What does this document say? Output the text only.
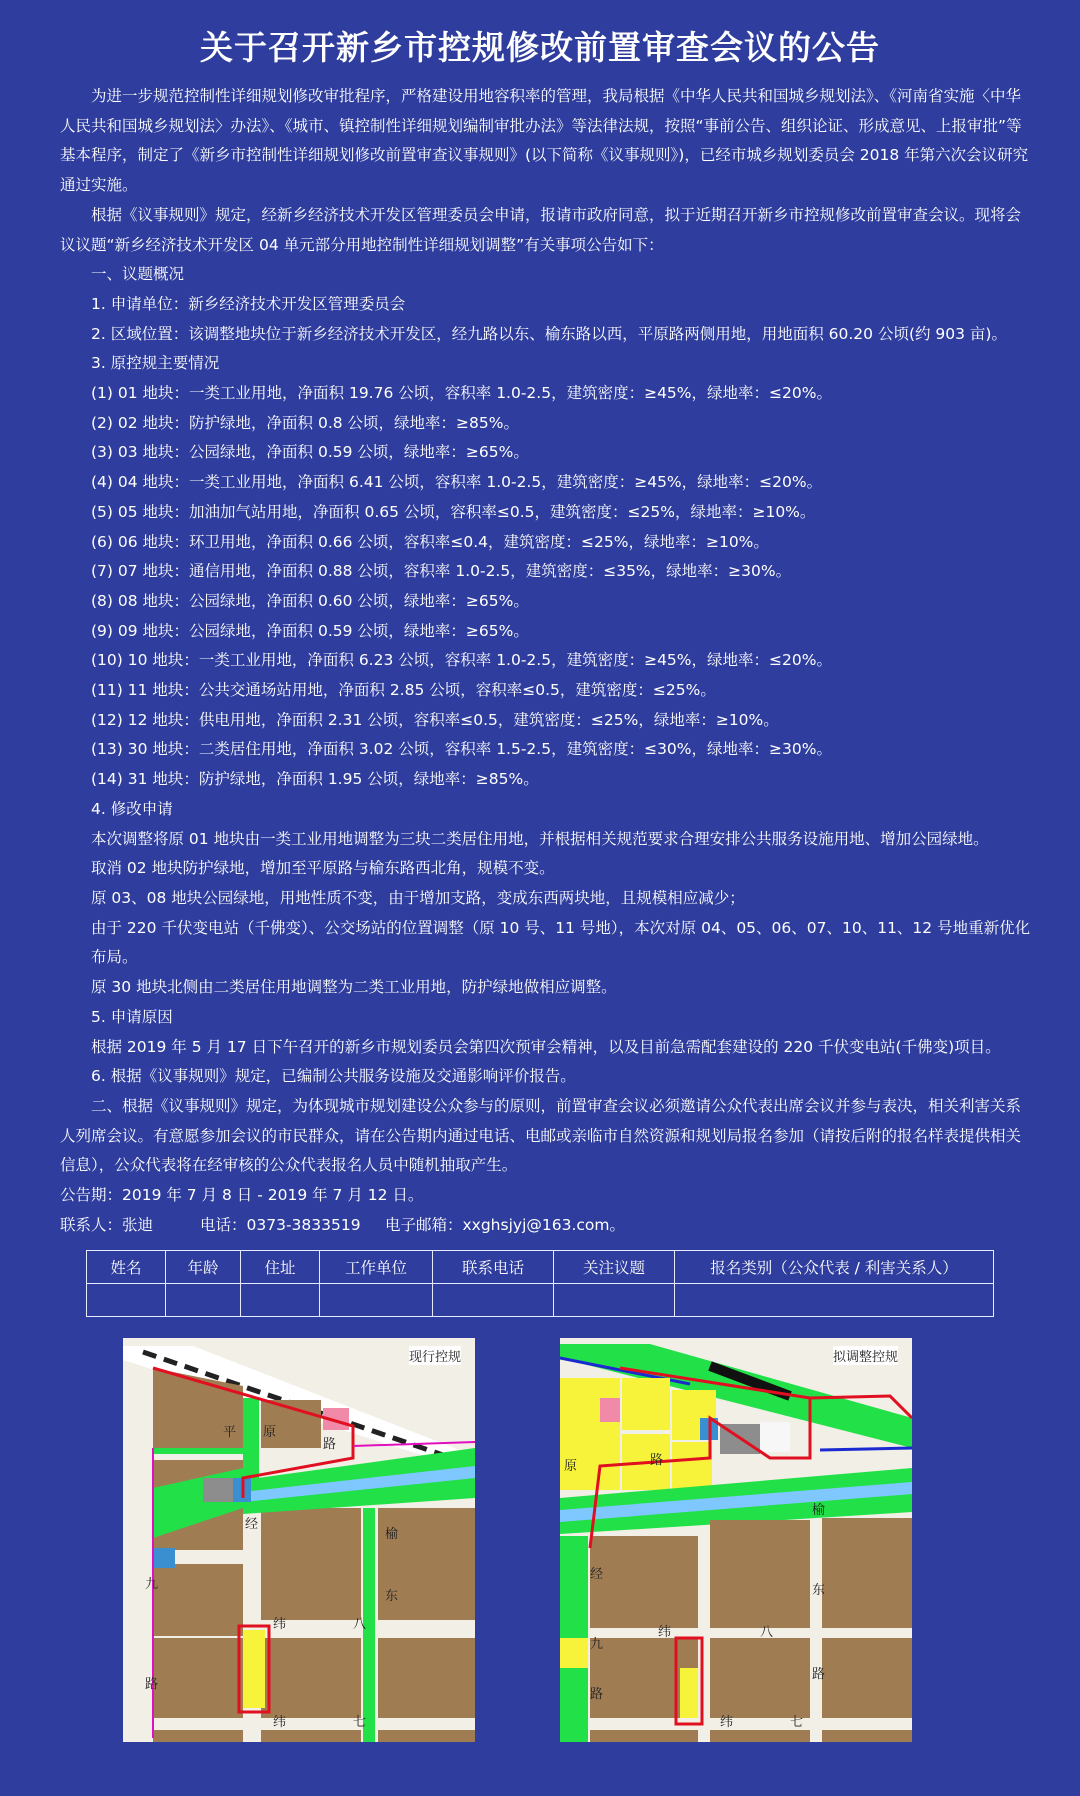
关于召开新乡市控规修改前置审查会议的公告

为进一步规范控制性详细规划修改审批程序，严格建设用地容积率的管理，我局根据《中华人民共和国城乡规划法》、《河南省实施〈中华人民共和国城乡规划法〉办法》、《城市、镇控制性详细规划编制审批办法》等法律法规，按照“事前公告、组织论证、形成意见、上报审批”等基本程序，制定了《新乡市控制性详细规划修改前置审查议事规则》(以下简称《议事规则》)，已经市城乡规划委员会 2018 年第六次会议研究通过实施。

根据《议事规则》规定，经新乡经济技术开发区管理委员会申请，报请市政府同意，拟于近期召开新乡市控规修改前置审查会议。现将会议议题“新乡经济技术开发区 04 单元部分用地控制性详细规划调整”有关事项公告如下：

一、议题概况

1. 申请单位：新乡经济技术开发区管理委员会

2. 区域位置：该调整地块位于新乡经济技术开发区，经九路以东、榆东路以西，平原路两侧用地，用地面积 60.20 公顷(约 903 亩)。

3. 原控规主要情况

(1) 01 地块：一类工业用地，净面积 19.76 公顷，容积率 1.0-2.5，建筑密度：≥45%，绿地率：≤20%。

(2) 02 地块：防护绿地，净面积 0.8 公顷，绿地率：≥85%。

(3) 03 地块：公园绿地，净面积 0.59 公顷，绿地率：≥65%。

(4) 04 地块：一类工业用地，净面积 6.41 公顷，容积率 1.0-2.5，建筑密度：≥45%，绿地率：≤20%。

(5) 05 地块：加油加气站用地，净面积 0.65 公顷，容积率≤0.5，建筑密度：≤25%，绿地率：≥10%。

(6) 06 地块：环卫用地，净面积 0.66 公顷，容积率≤0.4，建筑密度：≤25%，绿地率：≥10%。

(7) 07 地块：通信用地，净面积 0.88 公顷，容积率 1.0-2.5，建筑密度：≤35%，绿地率：≥30%。

(8) 08 地块：公园绿地，净面积 0.60 公顷，绿地率：≥65%。

(9) 09 地块：公园绿地，净面积 0.59 公顷，绿地率：≥65%。

(10) 10 地块：一类工业用地，净面积 6.23 公顷，容积率 1.0-2.5，建筑密度：≥45%，绿地率：≤20%。

(11) 11 地块：公共交通场站用地，净面积 2.85 公顷，容积率≤0.5，建筑密度：≤25%。

(12) 12 地块：供电用地，净面积 2.31 公顷，容积率≤0.5，建筑密度：≤25%，绿地率：≥10%。

(13) 30 地块：二类居住用地，净面积 3.02 公顷，容积率 1.5-2.5，建筑密度：≤30%，绿地率：≥30%。

(14) 31 地块：防护绿地，净面积 1.95 公顷，绿地率：≥85%。

4. 修改申请

本次调整将原 01 地块由一类工业用地调整为三块二类居住用地，并根据相关规范要求合理安排公共服务设施用地、增加公园绿地。

取消 02 地块防护绿地，增加至平原路与榆东路西北角，规模不变。

原 03、08 地块公园绿地，用地性质不变，由于增加支路，变成东西两块地，且规模相应减少；

由于 220 千伏变电站（千佛变）、公交场站的位置调整（原 10 号、11 号地），本次对原 04、05、06、07、10、11、12 号地重新优化布局。

原 30 地块北侧由二类居住用地调整为二类工业用地，防护绿地做相应调整。

5. 申请原因

根据 2019 年 5 月 17 日下午召开的新乡市规划委员会第四次预审会精神，以及目前急需配套建设的 220 千伏变电站(千佛变)项目。

6. 根据《议事规则》规定，已编制公共服务设施及交通影响评价报告。

二、根据《议事规则》规定，为体现城市规划建设公众参与的原则，前置审查会议必须邀请公众代表出席会议并参与表决，相关利害关系人列席会议。有意愿参加会议的市民群众，请在公告期内通过电话、电邮或亲临市自然资源和规划局报名参加（请按后附的报名样表提供相关信息），公众代表将在经审核的公众代表报名人员中随机抽取产生。

公告期：2019 年 7 月 8 日 - 2019 年 7 月 12 日。

联系人：张迪	电话：0373-3833519 电子邮箱：xxghsjyj@163.com。

姓名	年龄	住址	工作单位	联系电话	关注议题	报名类别（公众代表 / 利害关系人）

平 原
路
经
九
路
纬	八
纬	七
榆
东
现行控规
原	路
经
九
路
纬	八
纬	七
榆
东
路
拟调整控规
